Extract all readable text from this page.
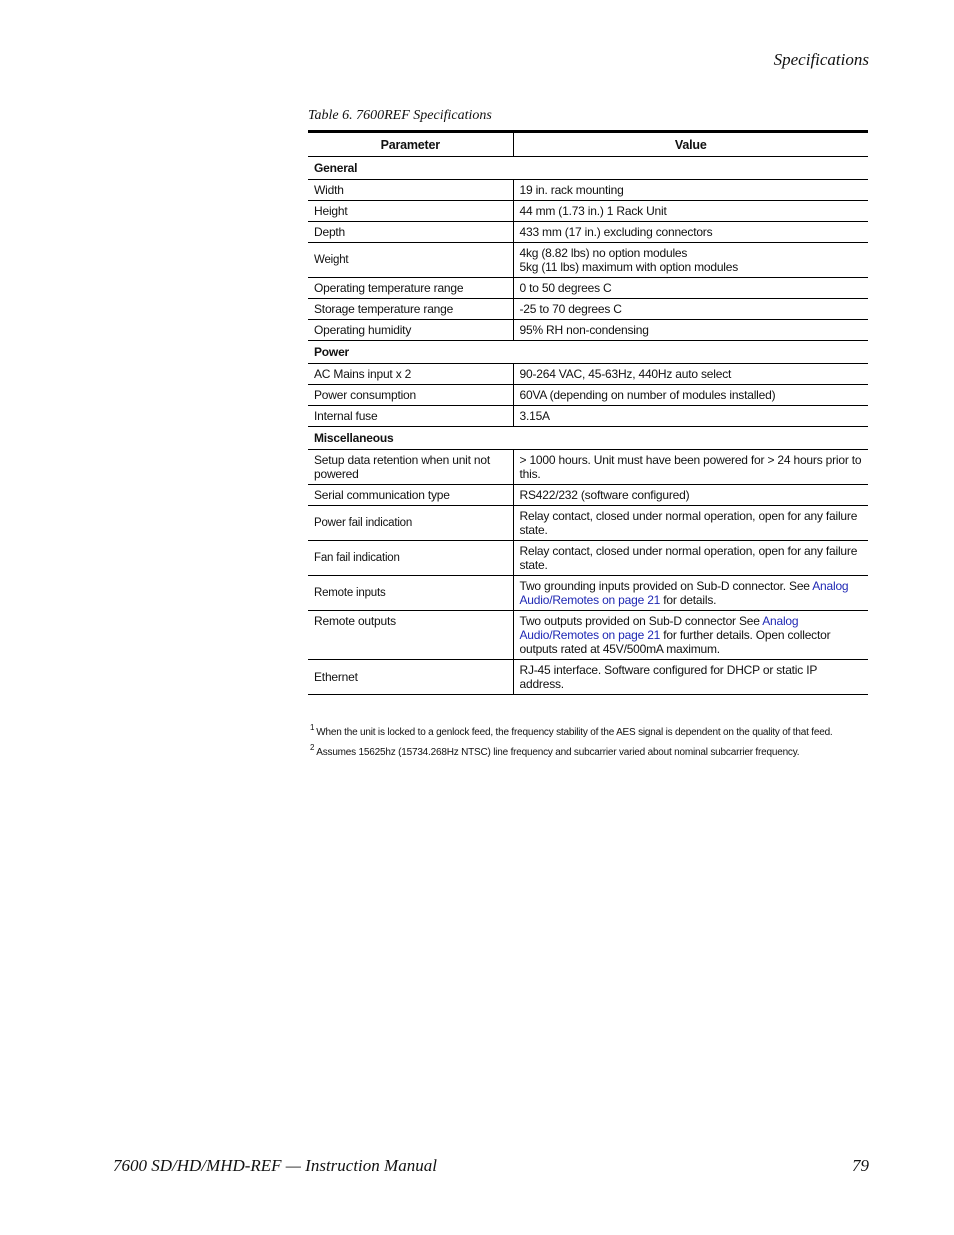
Specifications
Table 6. 7600REF Specifications
Parameter	Value
General	
Width	19 in. rack mounting
Height	44 mm (1.73 in.) 1 Rack Unit
Depth	433 mm (17 in.) excluding connectors
Weight	4kg (8.82 lbs) no option modules
5kg (11 lbs) maximum with option modules

Operating temperature range	0 to 50 degrees C
Storage temperature range	-25 to 70 degrees C
Operating humidity	95% RH non-condensing
Power	
AC Mains input x 2	90-264 VAC, 45-63Hz, 440Hz auto select
Power consumption	60VA (depending on number of modules installed)
Internal fuse	3.15A
Miscellaneous	
Setup data retention when unit not powered	> 1000 hours. Unit must have been powered for > 24 hours prior to this.
Serial communication type	RS422/232 (software configured)
Power fail indication	Relay contact, closed under normal operation, open for any failure state.
Fan fail indication	Relay contact, closed under normal operation, open for any failure state.
Remote inputs	Two grounding inputs provided on Sub-D connector. See Analog Audio/Remotes on page 21 for details.
Remote outputs	Two outputs provided on Sub-D connector See Analog Audio/Remotes on page 21 for further details. Open collector outputs rated at 45V/500mA maximum.
Ethernet	RJ-45 interface. Software configured for DHCP or static IP address.
$^1$ When the unit is locked to a genlock feed, the frequency stability of the AES signal is dependent on the quality of that feed.
$^2$ Assumes 15625hz (15734.268Hz NTSC) line frequency and subcarrier varied about nominal subcarrier frequency.
7600 SD/HD/MHD-REF — Instruction Manual	79
